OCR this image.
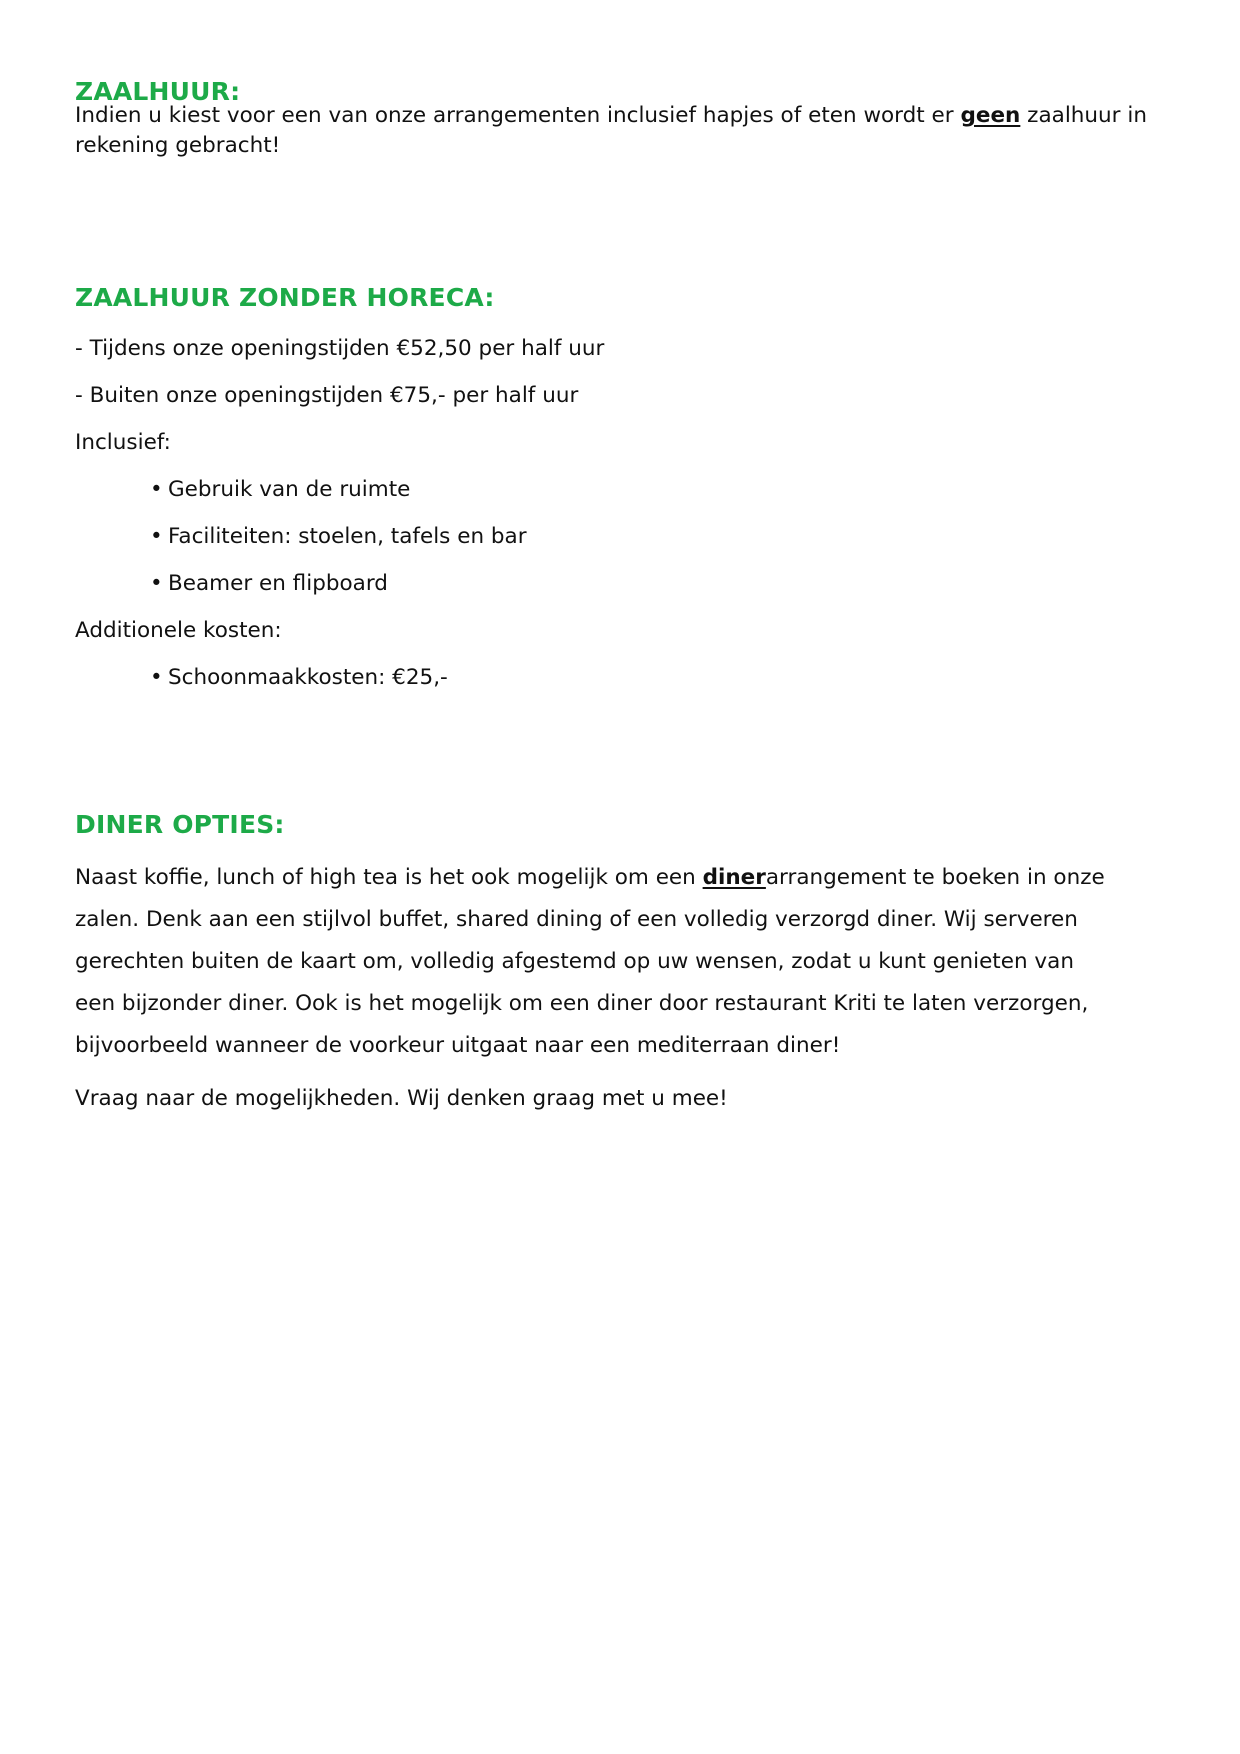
ZAALHUUR:
Indien u kiest voor een van onze arrangementen inclusief hapjes of eten wordt er geen zaalhuur in
rekening gebracht!
ZAALHUUR ZONDER HORECA:
- Tijdens onze openingstijden €52,50 per half uur
- Buiten onze openingstijden €75,- per half uur
Inclusief:
• Gebruik van de ruimte
• Faciliteiten: stoelen, tafels en bar
• Beamer en flipboard
Additionele kosten:
• Schoonmaakkosten: €25,-
DINER OPTIES:
Naast koffie, lunch of high tea is het ook mogelijk om een dinerarrangement te boeken in onze
zalen. Denk aan een stijlvol buffet, shared dining of een volledig verzorgd diner. Wij serveren
gerechten buiten de kaart om, volledig afgestemd op uw wensen, zodat u kunt genieten van
een bijzonder diner. Ook is het mogelijk om een diner door restaurant Kriti te laten verzorgen,
bijvoorbeeld wanneer de voorkeur uitgaat naar een mediterraan diner!
Vraag naar de mogelijkheden. Wij denken graag met u mee!
